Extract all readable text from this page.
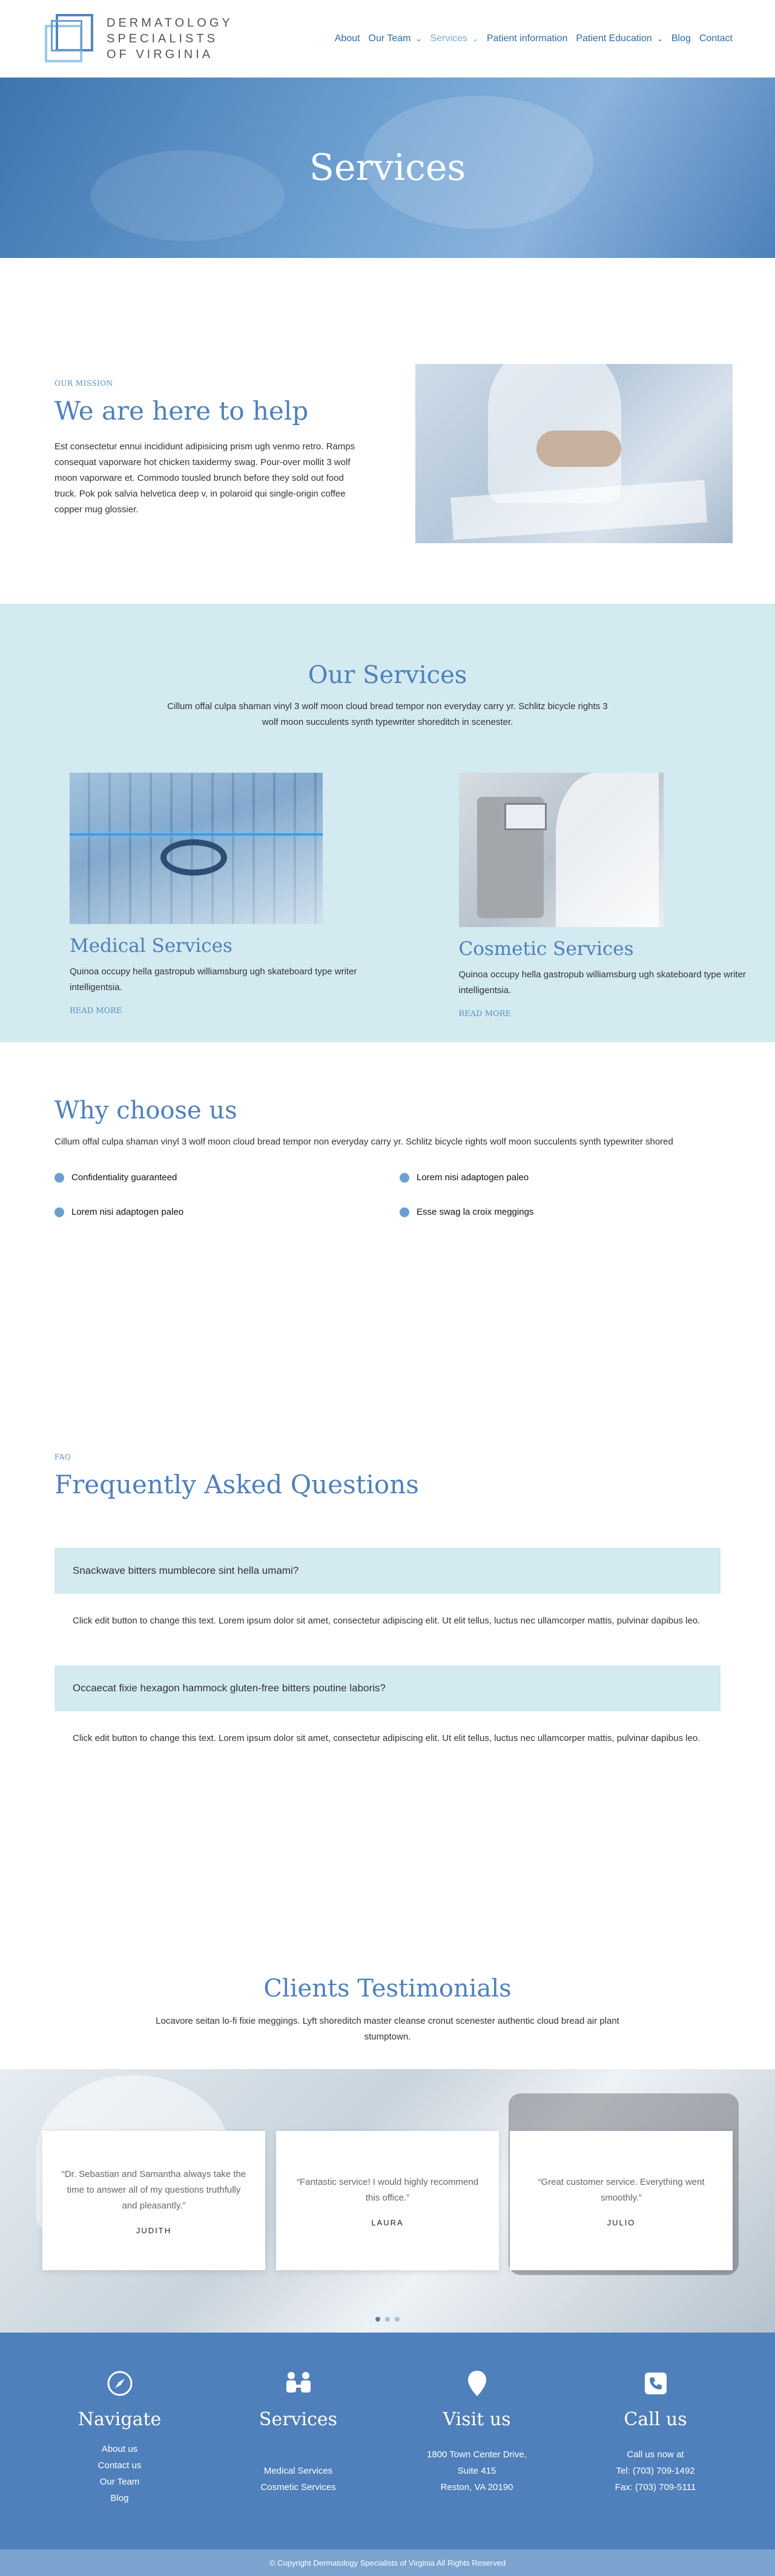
DERMATOLOGY
SPECIALISTS
OF VIRGINIA
About Our Team ⌄ Services ⌄ Patient information Patient Education ⌄ Blog Contact
Services
OUR MISSION
We are here to help

Est consectetur ennui incididunt adipisicing prism ugh venmo retro. Ramps consequat vaporware hot chicken taxidermy swag. Pour-over mollit 3 wolf moon vaporware et. Commodo tousled brunch before they sold out food truck. Pok pok salvia helvetica deep v, in polaroid qui single-origin coffee copper mug glossier.

Our Services

Cillum offal culpa shaman vinyl 3 wolf moon cloud bread tempor non everyday carry yr. Schlitz bicycle rights 3 wolf moon succulents synth typewriter shoreditch in scenester.

Medical Services

Quinoa occupy hella gastropub williamsburg ugh skateboard type writer intelligentsia.

READ MORE
Cosmetic Services

Quinoa occupy hella gastropub williamsburg ugh skateboard type writer intelligentsia.

READ MORE
Why choose us

Cillum offal culpa shaman vinyl 3 wolf moon cloud bread tempor non everyday carry yr. Schlitz bicycle rights wolf moon succulents synth typewriter shored

Confidentiality guaranteed	Lorem nisi adaptogen paleo
Lorem nisi adaptogen paleo	Esse swag la croix meggings
FAQ
Frequently Asked Questions
Snackwave bitters mumblecore sint hella umami?
Click edit button to change this text. Lorem ipsum dolor sit amet, consectetur adipiscing elit. Ut elit tellus, luctus nec ullamcorper mattis, pulvinar dapibus leo.
Occaecat fixie hexagon hammock gluten-free bitters poutine laboris?
Click edit button to change this text. Lorem ipsum dolor sit amet, consectetur adipiscing elit. Ut elit tellus, luctus nec ullamcorper mattis, pulvinar dapibus leo.
Clients Testimonials

Locavore seitan lo-fi fixie meggings. Lyft shoreditch master cleanse cronut scenester authentic cloud bread air plant stumptown.

“Dr. Sebastian and Samantha always take the time to answer all of my questions truthfully and pleasantly.”

JUDITH

“Fantastic service! I would highly recommend this office.”

LAURA

“Great customer service. Everything went smoothly.”

JULIO
Navigate
About us
Contact us
Our Team
Blog
Services
Medical Services
Cosmetic Services
Visit us
1800 Town Center Drive,
Suite 415
Reston, VA 20190
Call us
Call us now at
Tel: (703) 709-1492
Fax: (703) 709-5111
© Copyright Dermatology Specialists of Virginia All Rights Reserved
